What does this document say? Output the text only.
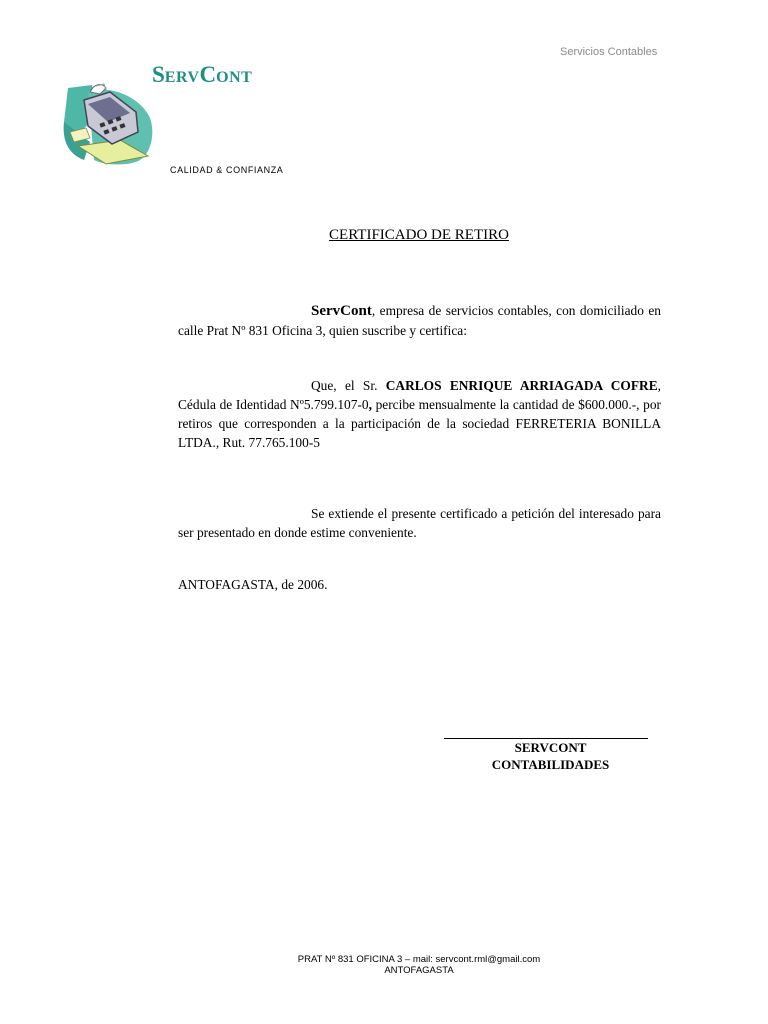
Servicios Contables
SERVCONT
CALIDAD & CONFIANZA
CERTIFICADO DE RETIRO
ServCont, empresa de servicios contables, con domiciliado en calle Prat Nº 831 Oficina 3, quien suscribe y certifica:
Que, el Sr. CARLOS ENRIQUE ARRIAGADA COFRE, Cédula de Identidad Nº5.799.107-0, percibe mensualmente la cantidad de $600.000.-, por retiros que corresponden a la participación de la sociedad FERRETERIA BONILLA LTDA., Rut. 77.765.100-5
Se extiende el presente certificado a petición del interesado para ser presentado en donde estime conveniente.
ANTOFAGASTA, de 2006.
SERVCONT
CONTABILIDADES
PRAT Nº 831 OFICINA 3 – mail: servcont.rml@gmail.com
ANTOFAGASTA
